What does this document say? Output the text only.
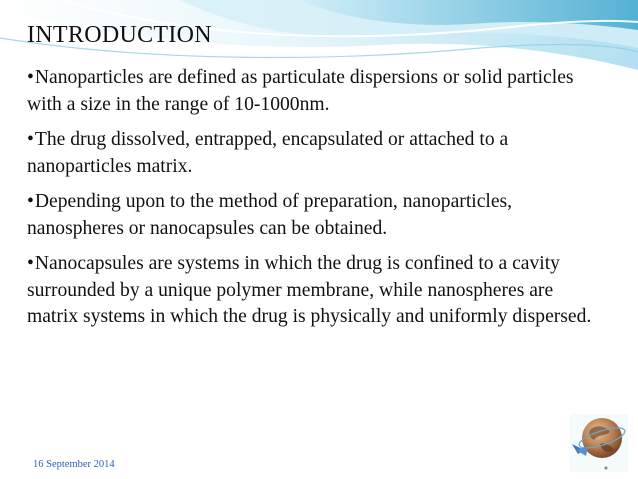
INTRODUCTION

•Nanoparticles are defined as particulate dispersions or solid particles with a size in the range of 10-1000nm.

•The drug dissolved, entrapped, encapsulated or attached to a nanoparticles matrix.

•Depending upon to the method of preparation, nanoparticles, nanospheres or nanocapsules can be obtained.

•Nanocapsules are systems in which the drug is confined to a cavity surrounded by a unique polymer membrane, while nanospheres are matrix systems in which the drug is physically and uniformly dispersed.

16 September 2014
